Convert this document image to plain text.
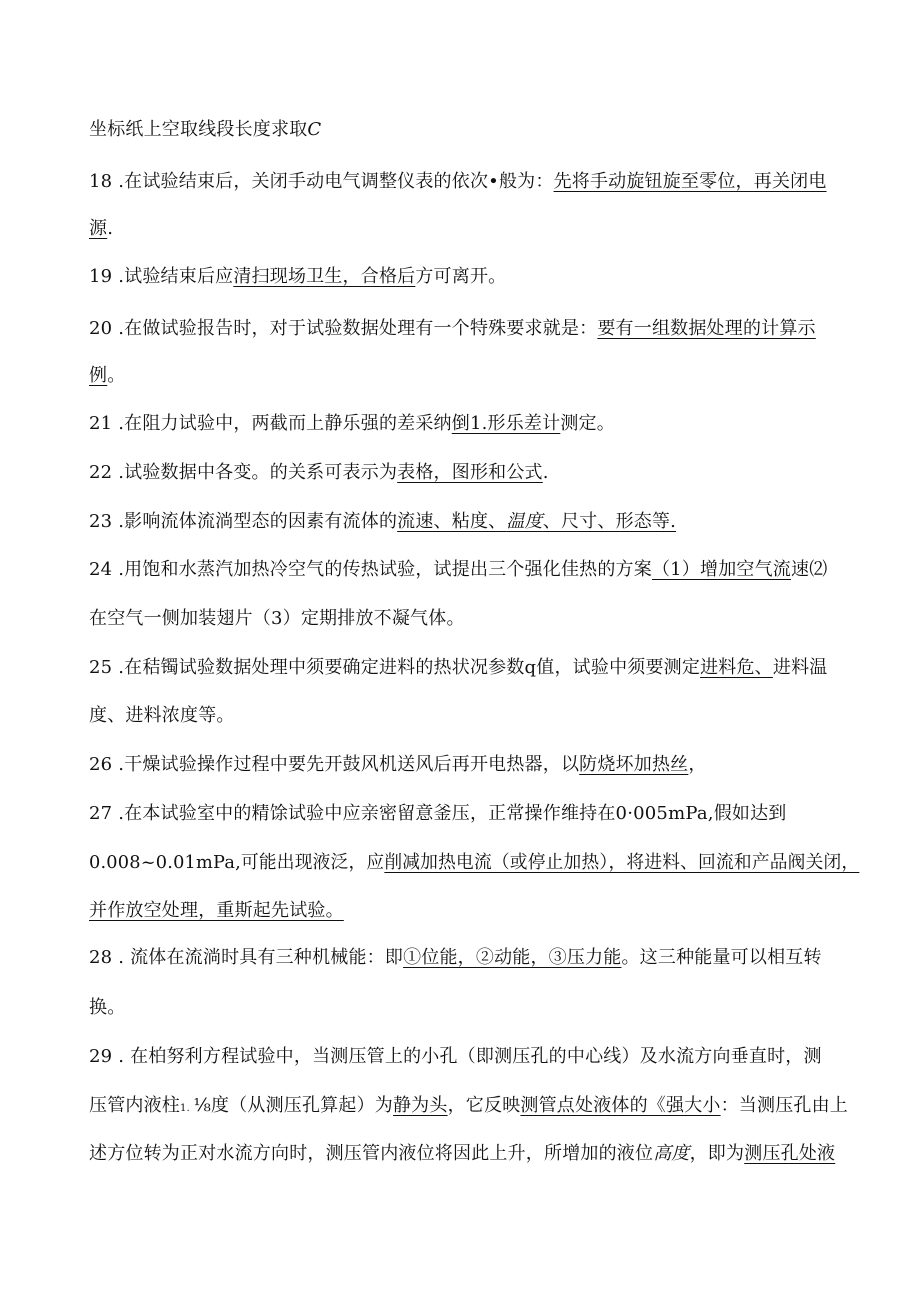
坐标纸上空取线段长度求取C
18 .在试验结束后，关闭手动电气调整仪表的依次•般为：先将手动旋钮旋至零位，再关闭电
源.
19 .试验结束后应清扫现场卫生，合格后方可离开。
20 .在做试验报告时，对于试验数据处理有一个特殊要求就是：要有一组数据处理的计算示
例。
21 .在阻力试验中，两截而上静乐强的差采纳倒1.形乐差计测定。
22 .试验数据中各变。的关系可表示为表格，图形和公式.
23 .影响流体流淌型态的因素有流体的流速、粘度、温度、尺寸、形态等.
24 .用饱和水蒸汽加热冷空气的传热试验，试提出三个强化佳热的方案（1）增加空气流速⑵
在空气一侧加装翅片（3）定期排放不凝气体。
25 .在秸镯试验数据处理中须要确定进料的热状况参数q值，试验中须要测定进料危、进料温
度、进料浓度等。
26 .干燥试验操作过程中要先开鼓风机送风后再开电热器，以防烧坏加热丝，
27 .在本试验室中的精馀试验中应亲密留意釜压，正常操作维持在0·005mPa,假如达到
0.008~0.01mPa,可能出现液泛，应削减加热电流（或停止加热），将进料、回流和产品阀关闭，
并作放空处理，重斯起先试验。
28 . 流体在流淌时具有三种机械能：即①位能，②动能，③压力能。这三种能量可以相互转
换。
29 . 在柏努利方程试验中，当测压管上的小孔（即测压孔的中心线）及水流方向垂直时，测
压管内液柱1. ⅛度（从测压孔算起）为静为头，它反映测管点处液体的《强大小：当测压孔由上
述方位转为正对水流方向时，测压管内液位将因此上升，所增加的液位高度，即为测压孔处液
